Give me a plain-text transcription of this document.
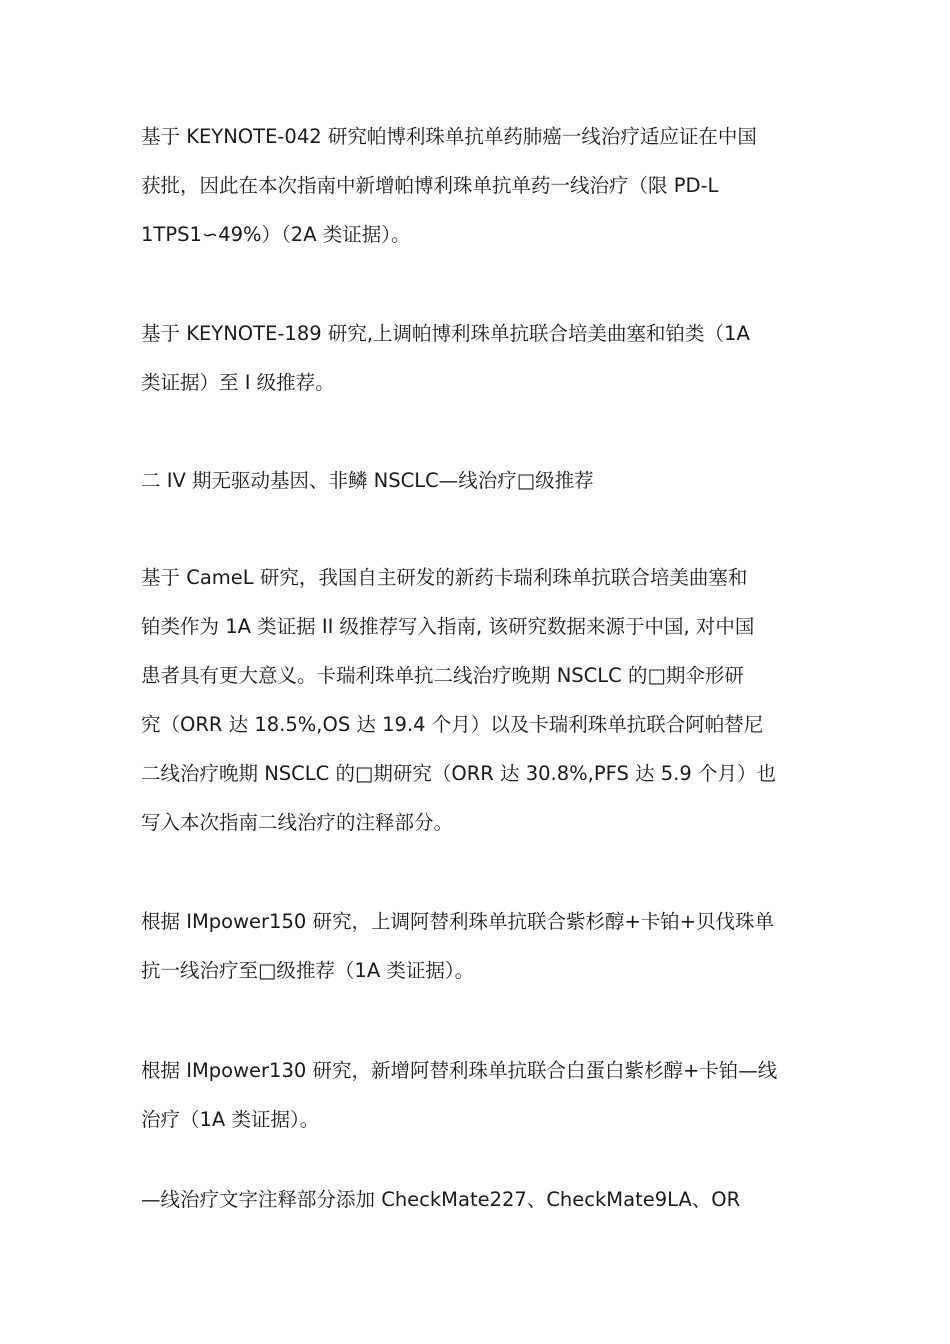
基于 KEYNOTE-042 研究帕博利珠单抗单药肺癌一线治疗适应证在中国
获批，因此在本次指南中新增帕博利珠单抗单药一线治疗（限 PD-L
1TPS1∽49%）（2A 类证据）。

基于 KEYNOTE-189 研究,上调帕博利珠单抗联合培美曲塞和铂类（1A
类证据）至 I 级推荐。

二 IV 期无驱动基因、非鳞 NSCLC—线治疗□级推荐

基于 CameL 研究，我国自主研发的新药卡瑞利珠单抗联合培美曲塞和
铂类作为 1A 类证据 II 级推荐写入指南, 该研究数据来源于中国, 对中国
患者具有更大意义。卡瑞利珠单抗二线治疗晚期 NSCLC 的□期伞形研
究（ORR 达 18.5%,OS 达 19.4 个月）以及卡瑞利珠单抗联合阿帕替尼
二线治疗晚期 NSCLC 的□期研究（ORR 达 30.8%,PFS 达 5.9 个月）也
写入本次指南二线治疗的注释部分。

根据 IMpower150 研究，上调阿替利珠单抗联合紫杉醇+卡铂+贝伐珠单
抗一线治疗至□级推荐（1A 类证据）。

根据 IMpower130 研究，新增阿替利珠单抗联合白蛋白紫杉醇+卡铂—线
治疗（1A 类证据）。

—线治疗文字注释部分添加 CheckMate227、CheckMate9LA、OR
